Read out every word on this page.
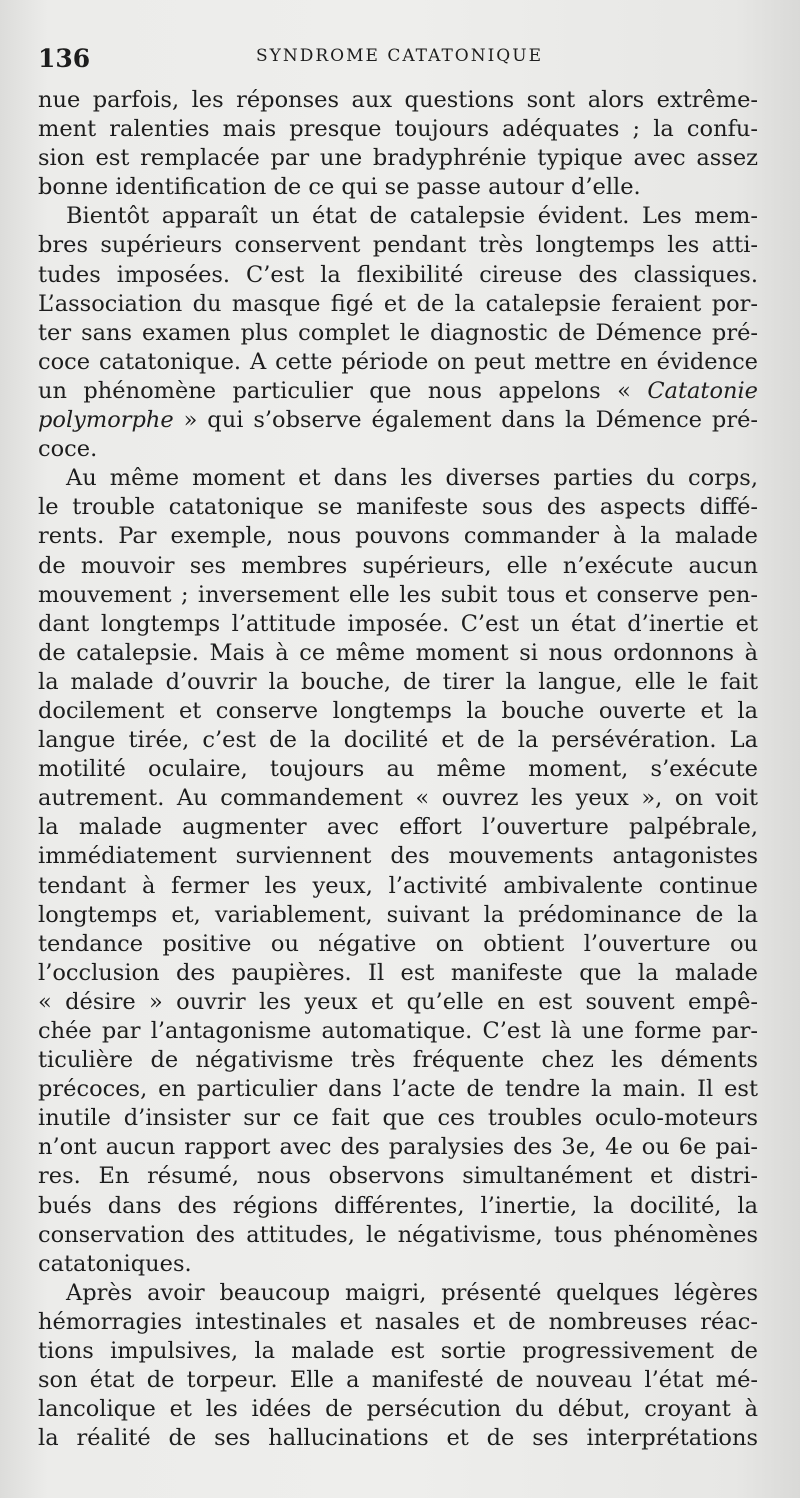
136	SYNDROME CATATONIQUE
nue parfois, les réponses aux questions sont alors extrême-
ment ralenties mais presque toujours adéquates ; la confu-
sion est remplacée par une bradyphrénie typique avec assez
bonne identification de ce qui se passe autour d’elle.
Bientôt apparaît un état de catalepsie évident. Les mem-
bres supérieurs conservent pendant très longtemps les atti-
tudes imposées. C’est la flexibilité cireuse des classiques.
L’association du masque figé et de la catalepsie feraient por-
ter sans examen plus complet le diagnostic de Démence pré-
coce catatonique. A cette période on peut mettre en évidence
un phénomène particulier que nous appelons « Catatonie
polymorphe » qui s’observe également dans la Démence pré-
coce.
Au même moment et dans les diverses parties du corps,
le trouble catatonique se manifeste sous des aspects diffé-
rents. Par exemple, nous pouvons commander à la malade
de mouvoir ses membres supérieurs, elle n’exécute aucun
mouvement ; inversement elle les subit tous et conserve pen-
dant longtemps l’attitude imposée. C’est un état d’inertie et
de catalepsie. Mais à ce même moment si nous ordonnons à
la malade d’ouvrir la bouche, de tirer la langue, elle le fait
docilement et conserve longtemps la bouche ouverte et la
langue tirée, c’est de la docilité et de la persévération. La
motilité oculaire, toujours au même moment, s’exécute
autrement. Au commandement « ouvrez les yeux », on voit
la malade augmenter avec effort l’ouverture palpébrale,
immédiatement surviennent des mouvements antagonistes
tendant à fermer les yeux, l’activité ambivalente continue
longtemps et, variablement, suivant la prédominance de la
tendance positive ou négative on obtient l’ouverture ou
l’occlusion des paupières. Il est manifeste que la malade
« désire » ouvrir les yeux et qu’elle en est souvent empê-
chée par l’antagonisme automatique. C’est là une forme par-
ticulière de négativisme très fréquente chez les déments
précoces, en particulier dans l’acte de tendre la main. Il est
inutile d’insister sur ce fait que ces troubles oculo-moteurs
n’ont aucun rapport avec des paralysies des 3e, 4e ou 6e pai-
res. En résumé, nous observons simultanément et distri-
bués dans des régions différentes, l’inertie, la docilité, la
conservation des attitudes, le négativisme, tous phénomènes
catatoniques.
Après avoir beaucoup maigri, présenté quelques légères
hémorragies intestinales et nasales et de nombreuses réac-
tions impulsives, la malade est sortie progressivement de
son état de torpeur. Elle a manifesté de nouveau l’état mé-
lancolique et les idées de persécution du début, croyant à
la réalité de ses hallucinations et de ses interprétations
